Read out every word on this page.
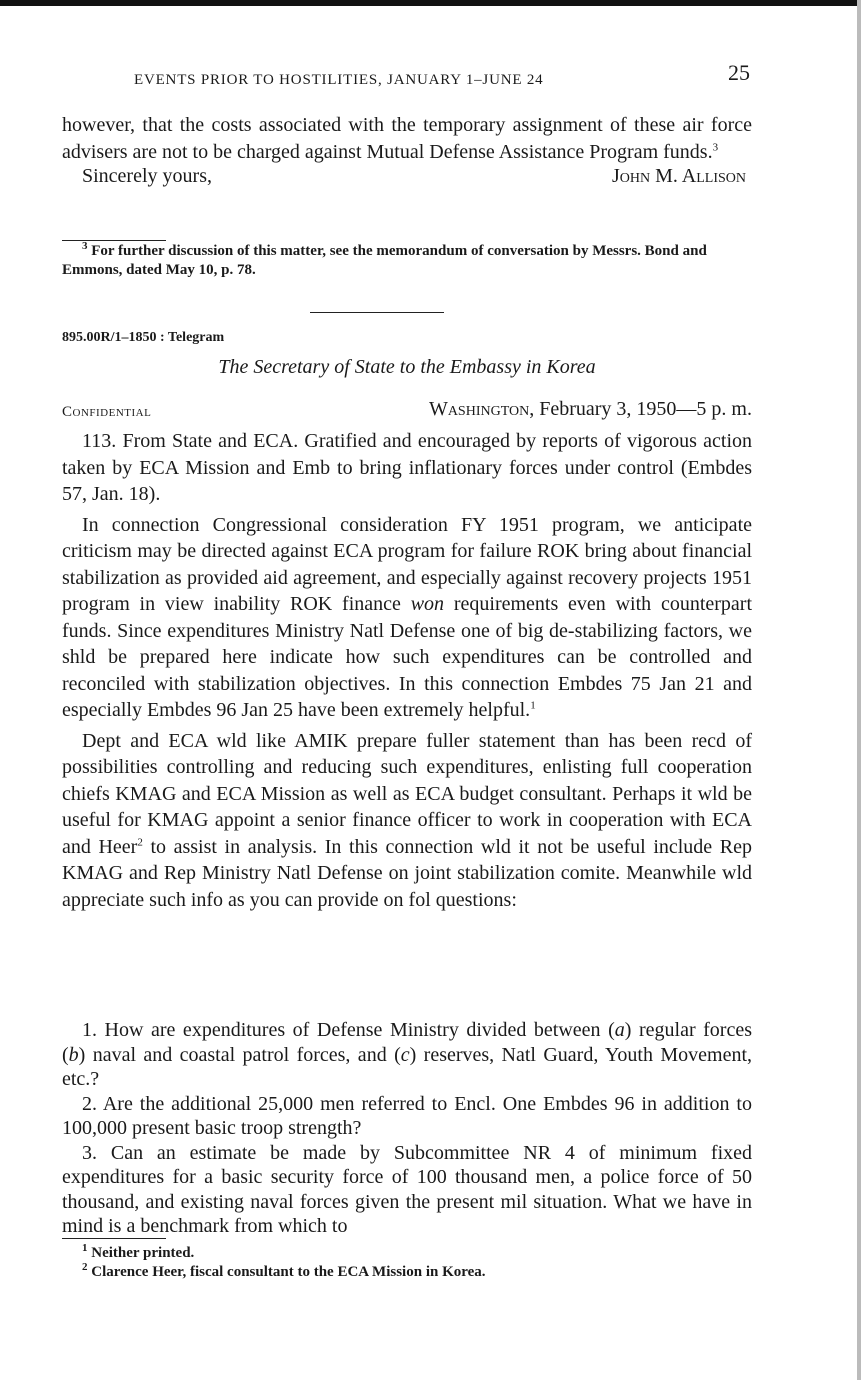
EVENTS PRIOR TO HOSTILITIES, JANUARY 1–JUNE 24	25

however, that the costs associated with the temporary assignment of these air force advisers are not to be charged against Mutual Defense Assistance Program funds.$^3$

Sincerely yours,	John M. Allison

$^3$ For further discussion of this matter, see the memorandum of conversation by Messrs. Bond and Emmons, dated May 10, p. 78.

895.00R/1–1850 : Telegram

The Secretary of State to the Embassy in Korea

Confidential	Washington, February 3, 1950—5 p. m.

113. From State and ECA. Gratified and encouraged by reports of vigorous action taken by ECA Mission and Emb to bring inflationary forces under control (Embdes 57, Jan. 18).

In connection Congressional consideration FY 1951 program, we anticipate criticism may be directed against ECA program for failure ROK bring about financial stabilization as provided aid agreement, and especially against recovery projects 1951 program in view inability ROK finance won requirements even with counterpart funds. Since expenditures Ministry Natl Defense one of big de-stabilizing factors, we shld be prepared here indicate how such expenditures can be controlled and reconciled with stabilization objectives. In this connection Embdes 75 Jan 21 and especially Embdes 96 Jan 25 have been extremely helpful.$^1$

Dept and ECA wld like AMIK prepare fuller statement than has been recd of possibilities controlling and reducing such expenditures, enlisting full cooperation chiefs KMAG and ECA Mission as well as ECA budget consultant. Perhaps it wld be useful for KMAG appoint a senior finance officer to work in cooperation with ECA and Heer$^2$ to assist in analysis. In this connection wld it not be useful include Rep KMAG and Rep Ministry Natl Defense on joint stabilization comite. Meanwhile wld appreciate such info as you can provide on fol questions:

1. How are expenditures of Defense Ministry divided between (a) regular forces (b) naval and coastal patrol forces, and (c) reserves, Natl Guard, Youth Movement, etc.?

2. Are the additional 25,000 men referred to Encl. One Embdes 96 in addition to 100,000 present basic troop strength?

3. Can an estimate be made by Subcommittee NR 4 of minimum fixed expenditures for a basic security force of 100 thousand men, a police force of 50 thousand, and existing naval forces given the present mil situation. What we have in mind is a benchmark from which to

$^1$ Neither printed.

$^2$ Clarence Heer, fiscal consultant to the ECA Mission in Korea.
